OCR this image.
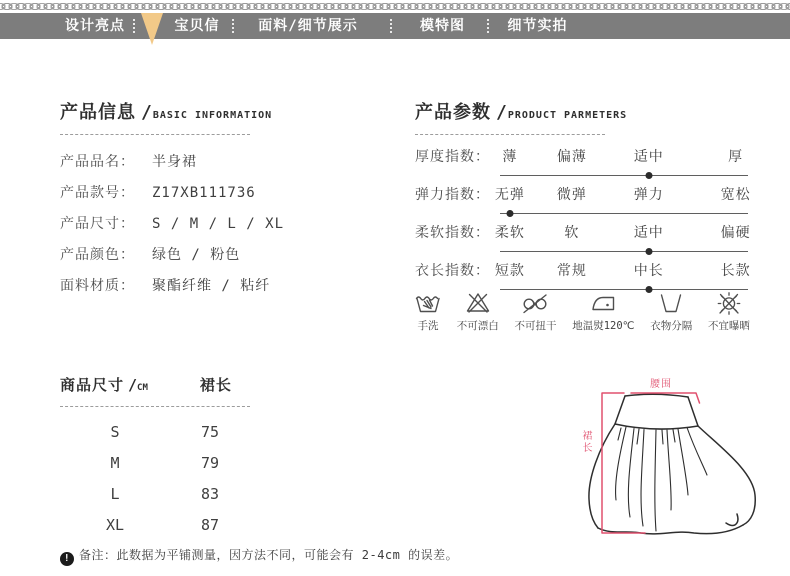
设计亮点	宝贝信息
面料/细节展示	模特图	细节实拍
产品信息 /BASIC INFORMATION
产品品名： 半身裙
产品款号： Z17XB111736
产品尺寸： S / M / L / XL
产品颜色： 绿色 / 粉色
面料材质： 聚酯纤维 / 粘纤
产品参数 /PRODUCT PARMETERS
厚度指数： 薄	偏薄	适中	厚
弹力指数： 无弹 微弹	弹力	宽松
柔软指数： 柔软	软	适中	偏硬
衣长指数： 短款 常规	中长	长款
手洗 不可漂白 不可扭干 地温熨120℃ 衣物分隔 不宜曝晒
商品尺寸 /CM	裙长
S	75
M	79
L	83
XL	87
! 备注：此数据为平铺测量，因方法不同，可能会有 2-4cm 的误差。
腰围
裙长
